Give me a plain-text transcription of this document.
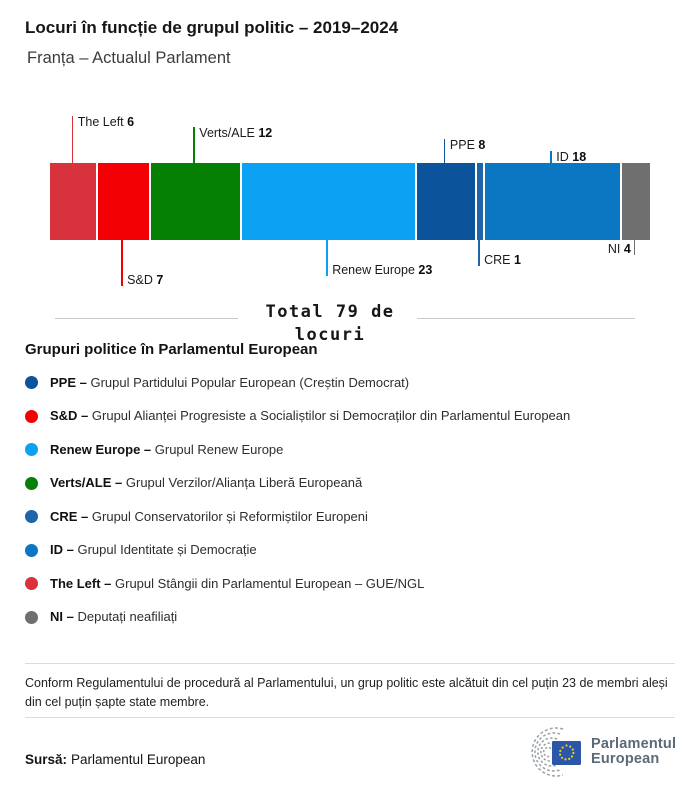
Locuri în funcție de grupul politic – 2019–2024
Franța – Actualul Parlament
The Left 6
S&D 7
Verts/ALE 12
Renew Europe 23
PPE 8
CRE 1
ID 18
NI 4
Total 79 de
locuri
Grupuri politice în Parlamentul European
PPE – Grupul Partidului Popular European (Creștin Democrat)
S&D – Grupul Alianței Progresiste a Socialiștilor si Democraților din Parlamentul European
Renew Europe – Grupul Renew Europe
Verts/ALE – Grupul Verzilor/Alianța Liberă Europeană
CRE – Grupul Conservatorilor și Reformiștilor Europeni
ID – Grupul Identitate și Democrație
The Left – Grupul Stângii din Parlamentul European – GUE/NGL
NI – Deputați neafiliați
Conform Regulamentului de procedură al Parlamentului, un grup politic este alcătuit din cel puțin 23 de membri aleși din cel puțin șapte state membre.
Sursă: Parlamentul European
Parlamentul
European
